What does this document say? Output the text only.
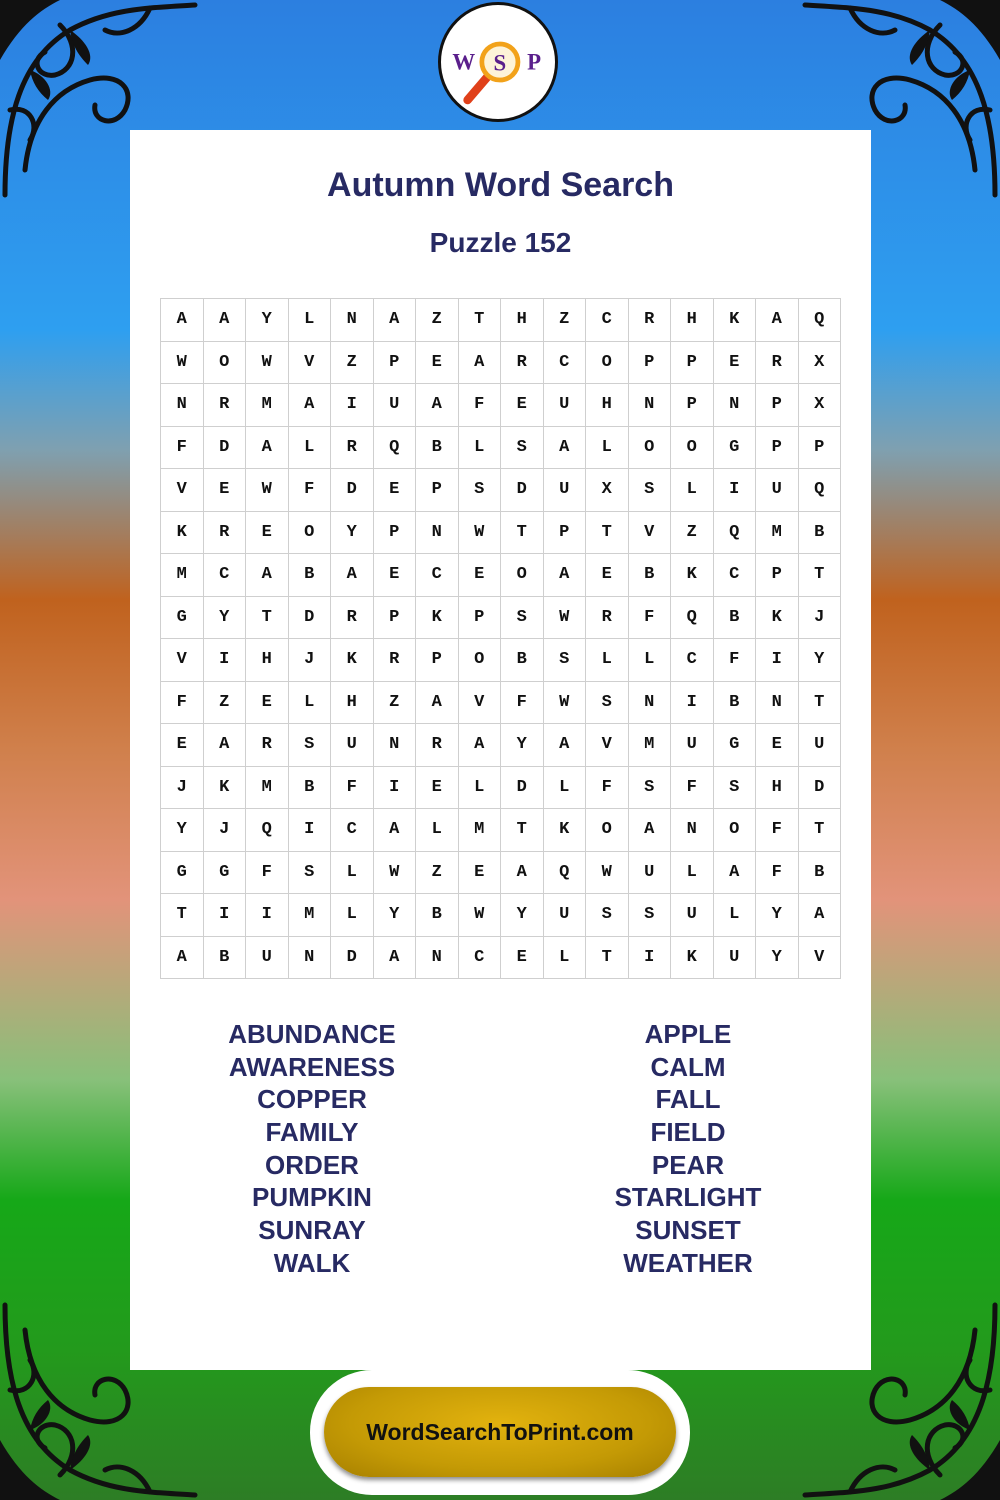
W S P
Autumn Word Search
Puzzle 152
A	A	Y	L	N	A	Z	T	H	Z	C	R	H	K	A	Q
W	O	W	V	Z	P	E	A	R	C	O	P	P	E	R	X
N	R	M	A	I	U	A	F	E	U	H	N	P	N	P	X
F	D	A	L	R	Q	B	L	S	A	L	O	O	G	P	P
V	E	W	F	D	E	P	S	D	U	X	S	L	I	U	Q
K	R	E	O	Y	P	N	W	T	P	T	V	Z	Q	M	B
M	C	A	B	A	E	C	E	O	A	E	B	K	C	P	T
G	Y	T	D	R	P	K	P	S	W	R	F	Q	B	K	J
V	I	H	J	K	R	P	O	B	S	L	L	C	F	I	Y
F	Z	E	L	H	Z	A	V	F	W	S	N	I	B	N	T
E	A	R	S	U	N	R	A	Y	A	V	M	U	G	E	U
J	K	M	B	F	I	E	L	D	L	F	S	F	S	H	D
Y	J	Q	I	C	A	L	M	T	K	O	A	N	O	F	T
G	G	F	S	L	W	Z	E	A	Q	W	U	L	A	F	B
T	I	I	M	L	Y	B	W	Y	U	S	S	U	L	Y	A
A	B	U	N	D	A	N	C	E	L	T	I	K	U	Y	V
ABUNDANCE
AWARENESS
COPPER
FAMILY
ORDER
PUMPKIN
SUNRAY
WALK
APPLE
CALM
FALL
FIELD
PEAR
STARLIGHT
SUNSET
WEATHER
WordSearchToPrint.com
